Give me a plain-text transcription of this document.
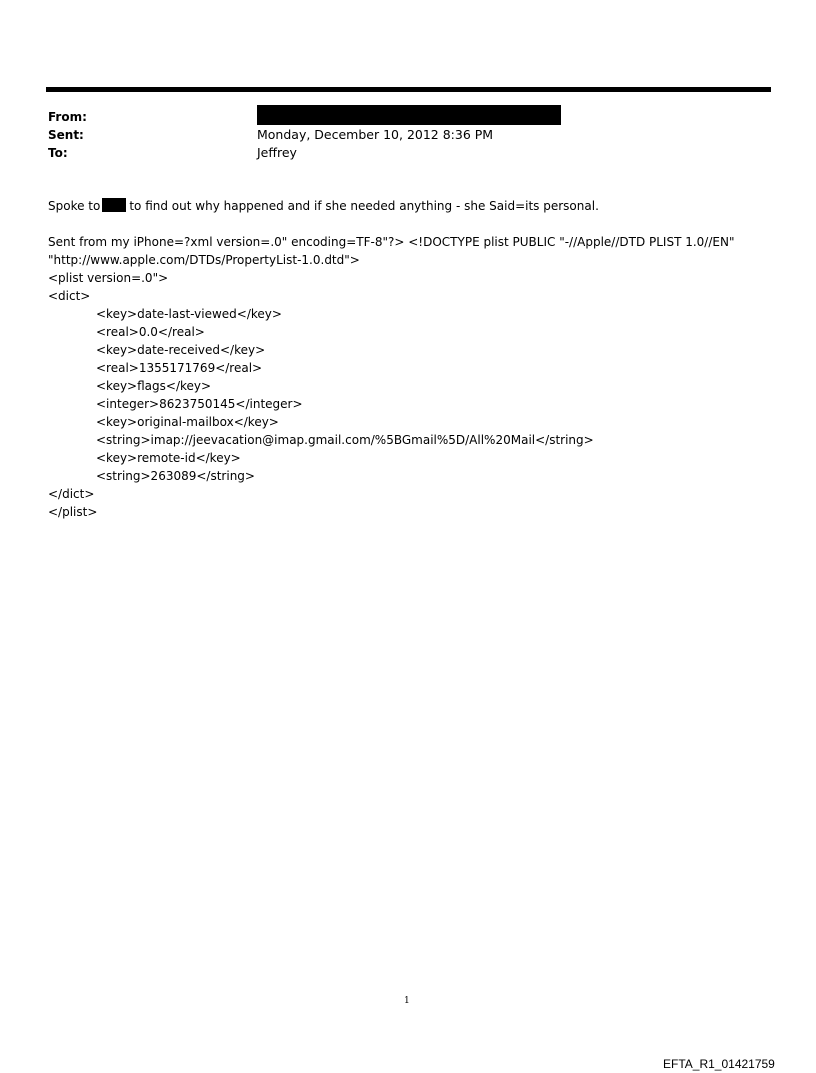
From:
Sent:	Monday, December 10, 2012 8:36 PM
To:	Jeffrey
Spoke to to find out why happened and if she needed anything - she Said=its personal.
Sent from my iPhone=?xml version=.0" encoding=TF-8"?> <!DOCTYPE plist PUBLIC "-//Apple//DTD PLIST 1.0//EN"
"http://www.apple.com/DTDs/PropertyList-1.0.dtd">
<plist version=.0">
<dict>
<key>date-last-viewed</key>
<real>0.0</real>
<key>date-received</key>
<real>1355171769</real>
<key>flags</key>
<integer>8623750145</integer>
<key>original-mailbox</key>
<string>imap://jeevacation@imap.gmail.com/%5BGmail%5D/All%20Mail</string>
<key>remote-id</key>
<string>263089</string>
</dict>
</plist>
1
EFTA_R1_01421759
